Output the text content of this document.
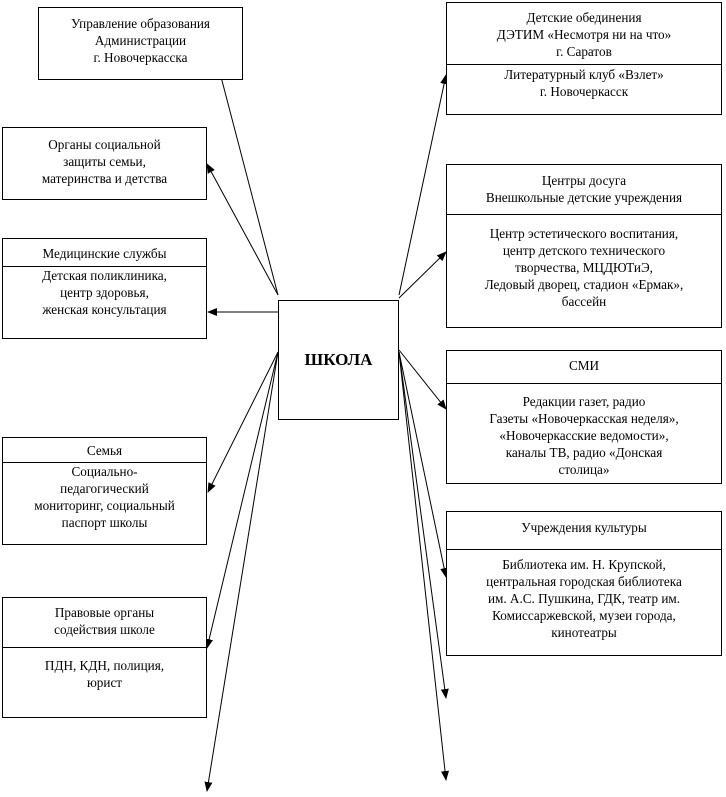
Управление образования
Администрации
г. Новочеркасска
Органы социальной
защиты семьи,
материнства и детства
Медицинские службы
Детская поликлиника,
центр здоровья,
женская консультация
Семья
Социально-
педагогический
мониторинг, социальный
паспорт школы
Правовые органы
содействия школе
ПДН, КДН, полиция,
юрист
ШКОЛА
Детские обединения
ДЭТИМ «Несмотря ни на что»
г. Саратов
Литературный клуб «Взлет»
г. Новочеркасск
Центры досуга
Внешкольные детские учреждения
Центр эстетического воспитания,
центр детского технического
творчества, МЦДЮТиЭ,
Ледовый дворец, стадион «Ермак»,
бассейн
СМИ
Редакции газет, радио
Газеты «Новочеркасская неделя»,
«Новочеркасские ведомости»,
каналы ТВ, радио «Донская
столица»
Учреждения культуры
Библиотека им. Н. Крупской,
центральная городская библиотека
им. А.С. Пушкина, ГДК, театр им.
Комиссаржевской, музеи города,
кинотеатры
